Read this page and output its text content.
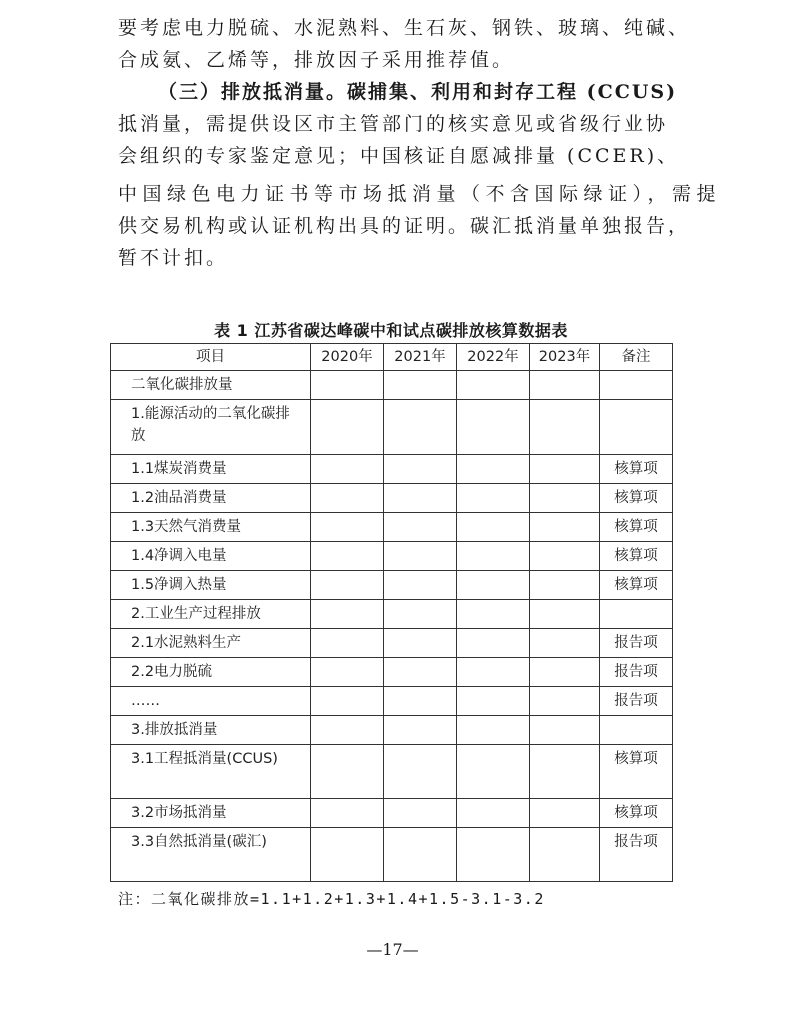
要考虑电力脱硫、水泥熟料、生石灰、钢铁、玻璃、纯碱、
合成氨、乙烯等，排放因子采用推荐值。
（三）排放抵消量。碳捕集、利用和封存工程 (CCUS)
抵消量，需提供设区市主管部门的核实意见或省级行业协
会组织的专家鉴定意见；中国核证自愿减排量 (CCER)、
中国绿色电力证书等市场抵消量（不含国际绿证），需提
供交易机构或认证机构出具的证明。碳汇抵消量单独报告，
暂不计扣。
表 1 江苏省碳达峰碳中和试点碳排放核算数据表
项目	2020年	2021年	2022年	2023年	备注
二氧化碳排放量					
1.能源活动的二氧化碳排放					
1.1煤炭消费量					核算项
1.2油品消费量					核算项
1.3天然气消费量					核算项
1.4净调入电量					核算项
1.5净调入热量					核算项
2.工业生产过程排放					
2.1水泥熟料生产					报告项
2.2电力脱硫					报告项
……					报告项
3.排放抵消量					
3.1工程抵消量(CCUS)					核算项
3.2市场抵消量					核算项
3.3自然抵消量(碳汇)					报告项
注：二氧化碳排放=1.1+1.2+1.3+1.4+1.5-3.1-3.2
—17—
